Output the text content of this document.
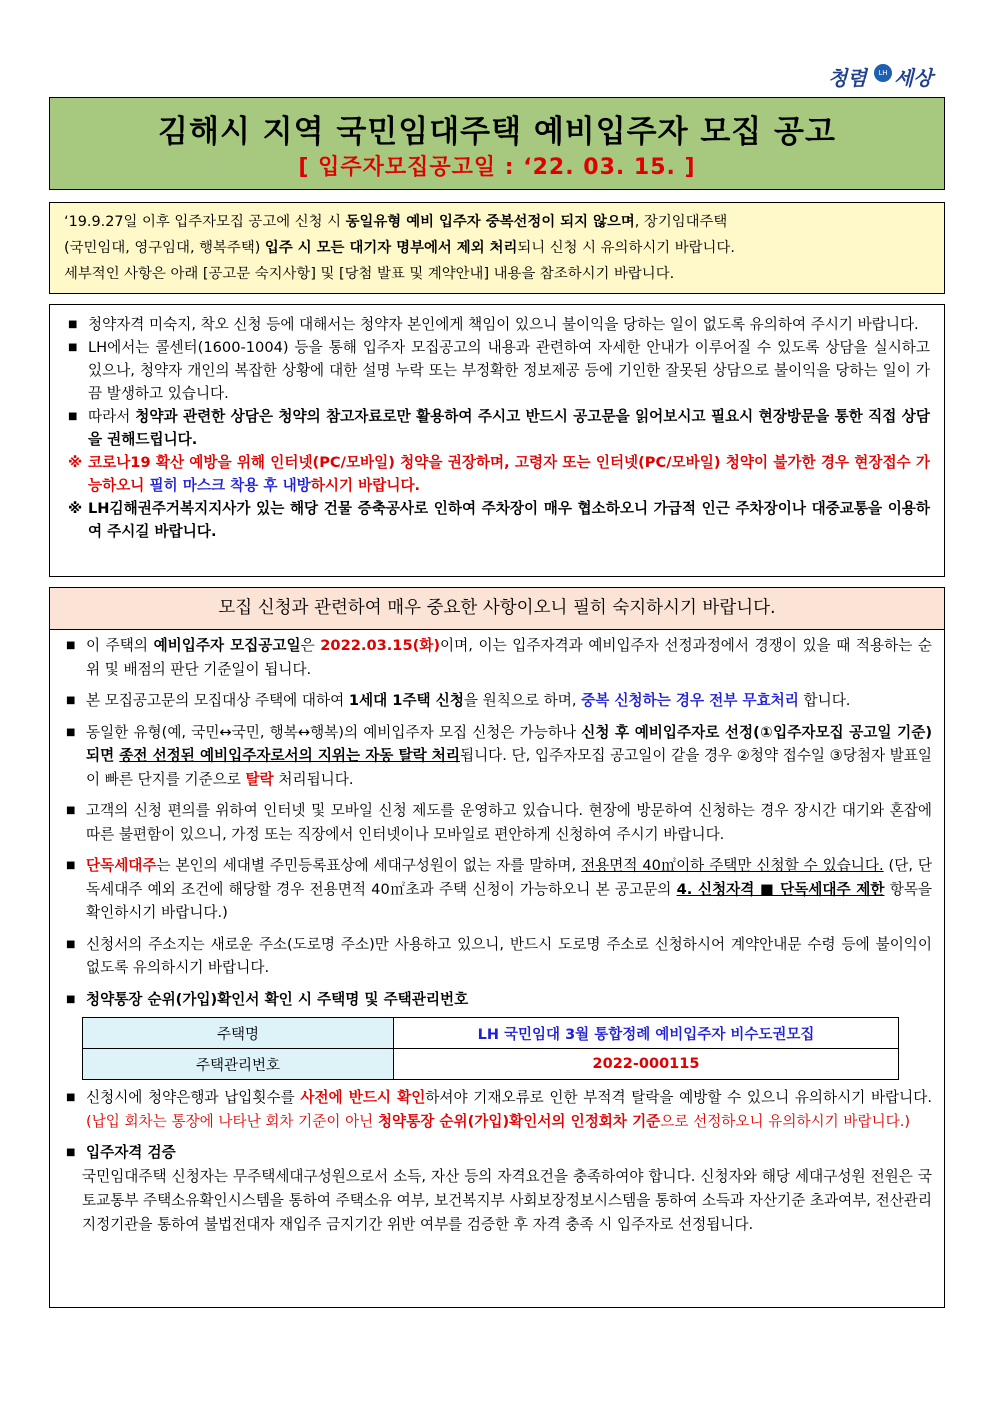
청렴	LH 세상
김해시 지역 국민임대주택 예비입주자 모집 공고
[ 입주자모집공고일 : ‘22. 03. 15. ]
‘19.9.27일 이후 입주자모집 공고에 신청 시 동일유형 예비 입주자 중복선정이 되지 않으며, 장기임대주택
(국민임대, 영구임대, 행복주택) 입주 시 모든 대기자 명부에서 제외 처리되니 신청 시 유의하시기 바랍니다.
세부적인 사항은 아래 [공고문 숙지사항] 및 [당첨 발표 및 계약안내] 내용을 참조하시기 바랍니다.
■ 청약자격 미숙지, 착오 신청 등에 대해서는 청약자 본인에게 책임이 있으니 불이익을 당하는 일이 없도록 유의하여 주시기 바랍니다.
■ LH에서는 콜센터(1600-1004) 등을 통해 입주자 모집공고의 내용과 관련하여 자세한 안내가 이루어질 수 있도록 상담을 실시하고 있으나, 청약자 개인의 복잡한 상황에 대한 설명 누락 또는 부정확한 정보제공 등에 기인한 잘못된 상담으로 불이익을 당하는 일이 가끔 발생하고 있습니다.
■ 따라서 청약과 관련한 상담은 청약의 참고자료로만 활용하여 주시고 반드시 공고문을 읽어보시고 필요시 현장방문을 통한 직접 상담을 권해드립니다.
※ 코로나19 확산 예방을 위해 인터넷(PC/모바일) 청약을 권장하며, 고령자 또는 인터넷(PC/모바일) 청약이 불가한 경우 현장접수 가능하오니 필히 마스크 착용 후 내방하시기 바랍니다.
※ LH김해권주거복지지사가 있는 해당 건물 증축공사로 인하여 주차장이 매우 협소하오니 가급적 인근 주차장이나 대중교통을 이용하여 주시길 바랍니다.
모집 신청과 관련하여 매우 중요한 사항이오니 필히 숙지하시기 바랍니다.
■ 이 주택의 예비입주자 모집공고일은 2022.03.15(화)이며, 이는 입주자격과 예비입주자 선정과정에서 경쟁이 있을 때 적용하는 순위 및 배점의 판단 기준일이 됩니다.
■ 본 모집공고문의 모집대상 주택에 대하여 1세대 1주택 신청을 원칙으로 하며, 중복 신청하는 경우 전부 무효처리 합니다.
■ 동일한 유형(예, 국민↔국민, 행복↔행복)의 예비입주자 모집 신청은 가능하나 신청 후 예비입주자로 선정(①입주자모집 공고일 기준) 되면 종전 선정된 예비입주자로서의 지위는 자동 탈락 처리됩니다. 단, 입주자모집 공고일이 같을 경우 ②청약 접수일 ③당첨자 발표일이 빠른 단지를 기준으로 탈락 처리됩니다.
■ 고객의 신청 편의를 위하여 인터넷 및 모바일 신청 제도를 운영하고 있습니다. 현장에 방문하여 신청하는 경우 장시간 대기와 혼잡에 따른 불편함이 있으니, 가정 또는 직장에서 인터넷이나 모바일로 편안하게 신청하여 주시기 바랍니다.
■ 단독세대주는 본인의 세대별 주민등록표상에 세대구성원이 없는 자를 말하며, 전용면적 40㎡이하 주택만 신청할 수 있습니다. (단, 단독세대주 예외 조건에 해당할 경우 전용면적 40㎡초과 주택 신청이 가능하오니 본 공고문의 4. 신청자격 ■ 단독세대주 제한 항목을 확인하시기 바랍니다.)
■ 신청서의 주소지는 새로운 주소(도로명 주소)만 사용하고 있으니, 반드시 도로명 주소로 신청하시어 계약안내문 수령 등에 불이익이 없도록 유의하시기 바랍니다.
■ 청약통장 순위(가입)확인서 확인 시 주택명 및 주택관리번호
주택명	LH 국민임대 3월 통합정례 예비입주자 비수도권모집
주택관리번호	2022-000115
■ 신청시에 청약은행과 납입횟수를 사전에 반드시 확인하셔야 기재오류로 인한 부적격 탈락을 예방할 수 있으니 유의하시기 바랍니다. (납입 회차는 통장에 나타난 회차 기준이 아닌 청약통장 순위(가입)확인서의 인정회차 기준으로 선정하오니 유의하시기 바랍니다.)
■ 입주자격 검증
국민임대주택 신청자는 무주택세대구성원으로서 소득, 자산 등의 자격요건을 충족하여야 합니다. 신청자와 해당 세대구성원 전원은 국토교통부 주택소유확인시스템을 통하여 주택소유 여부, 보건복지부 사회보장정보시스템을 통하여 소득과 자산기준 초과여부, 전산관리지정기관을 통하여 불법전대자 재입주 금지기간 위반 여부를 검증한 후 자격 충족 시 입주자로 선정됩니다.
